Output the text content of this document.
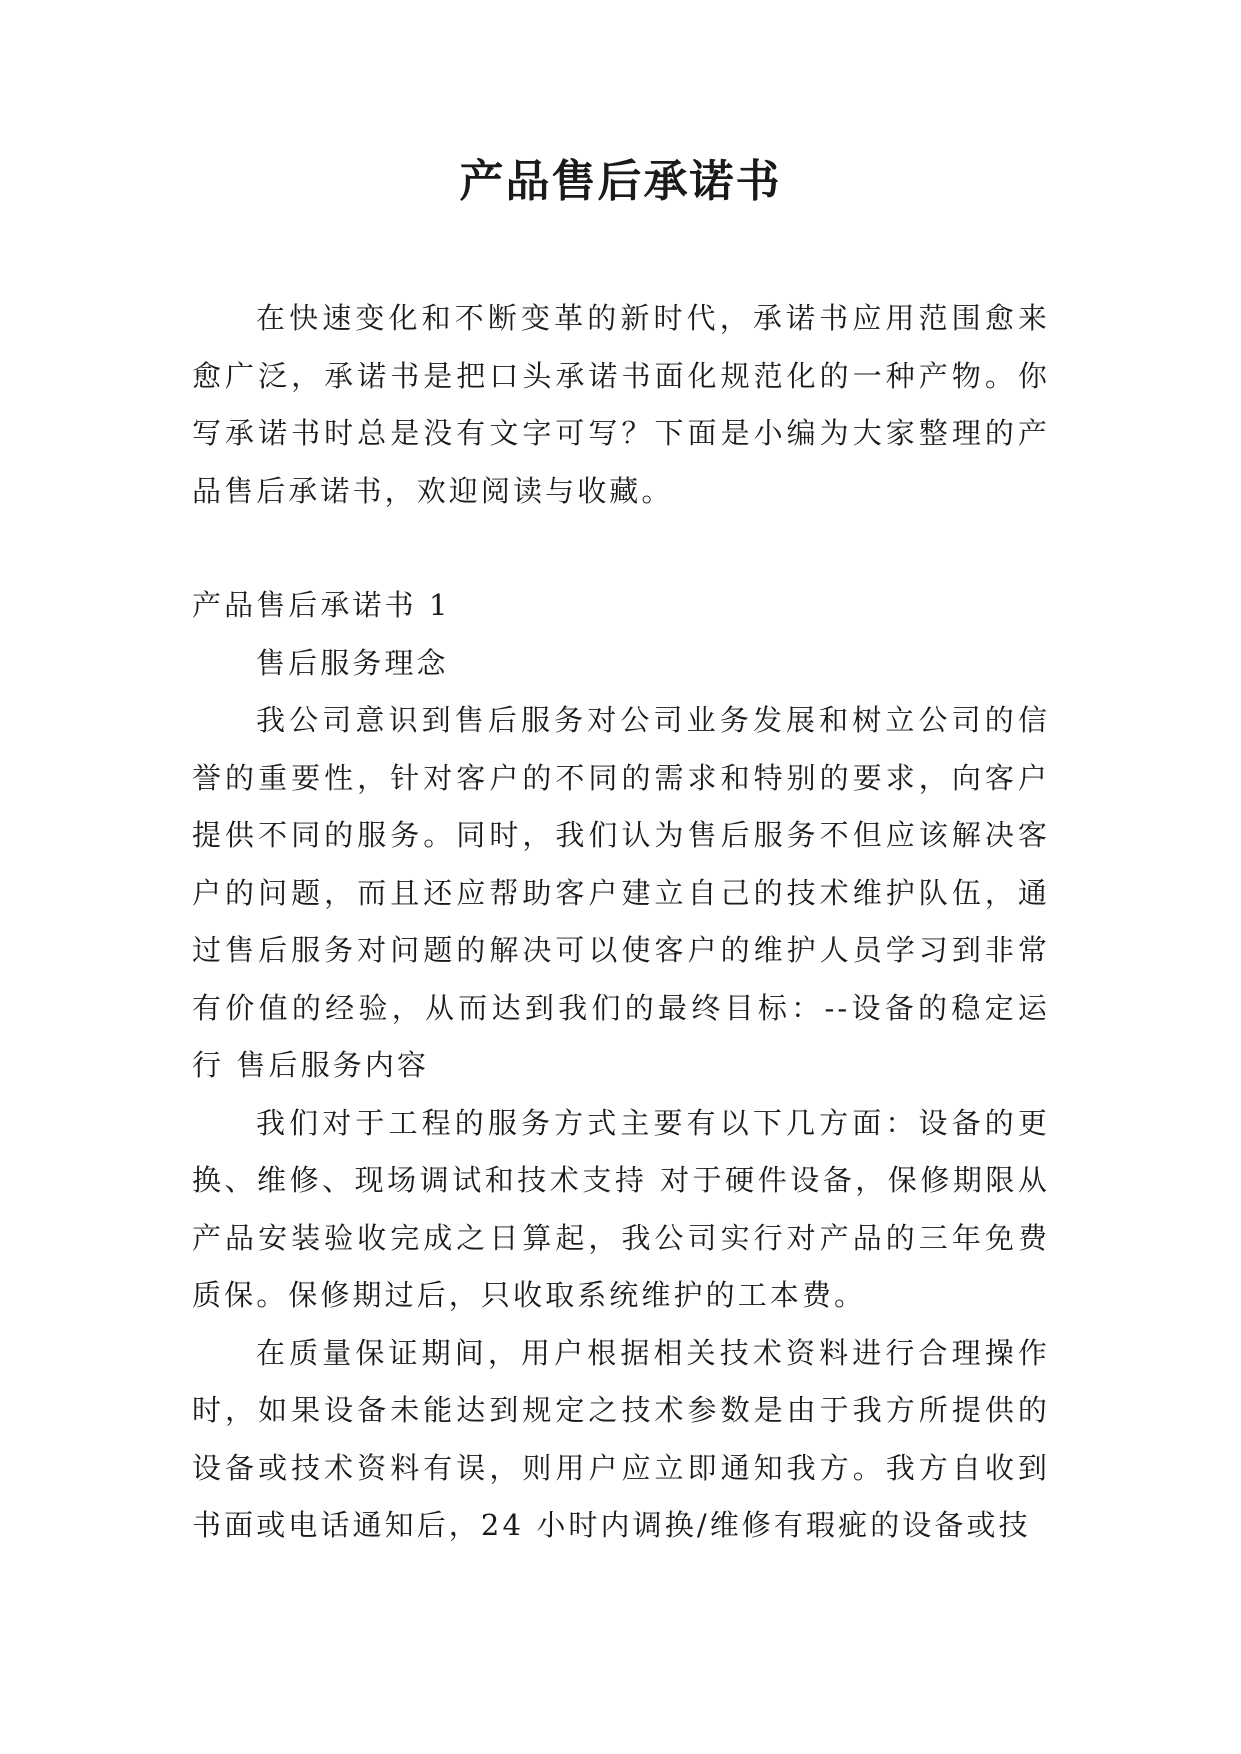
产品售后承诺书

在快速变化和不断变革的新时代，承诺书应用范围愈来愈广泛，承诺书是把口头承诺书面化规范化的一种产物。你写承诺书时总是没有文字可写？下面是小编为大家整理的产品售后承诺书，欢迎阅读与收藏。

产品售后承诺书 1

售后服务理念

我公司意识到售后服务对公司业务发展和树立公司的信誉的重要性，针对客户的不同的需求和特别的要求，向客户提供不同的服务。同时，我们认为售后服务不但应该解决客户的问题，而且还应帮助客户建立自己的技术维护队伍，通过售后服务对问题的解决可以使客户的维护人员学习到非常有价值的经验，从而达到我们的最终目标：--设备的稳定运行 售后服务内容

我们对于工程的服务方式主要有以下几方面：设备的更换、维修、现场调试和技术支持 对于硬件设备，保修期限从产品安装验收完成之日算起，我公司实行对产品的三年免费质保。保修期过后，只收取系统维护的工本费。

在质量保证期间，用户根据相关技术资料进行合理操作时，如果设备未能达到规定之技术参数是由于我方所提供的设备或技术资料有误，则用户应立即通知我方。我方自收到书面或电话通知后，24 小时内调换/维修有瑕疵的设备或技
